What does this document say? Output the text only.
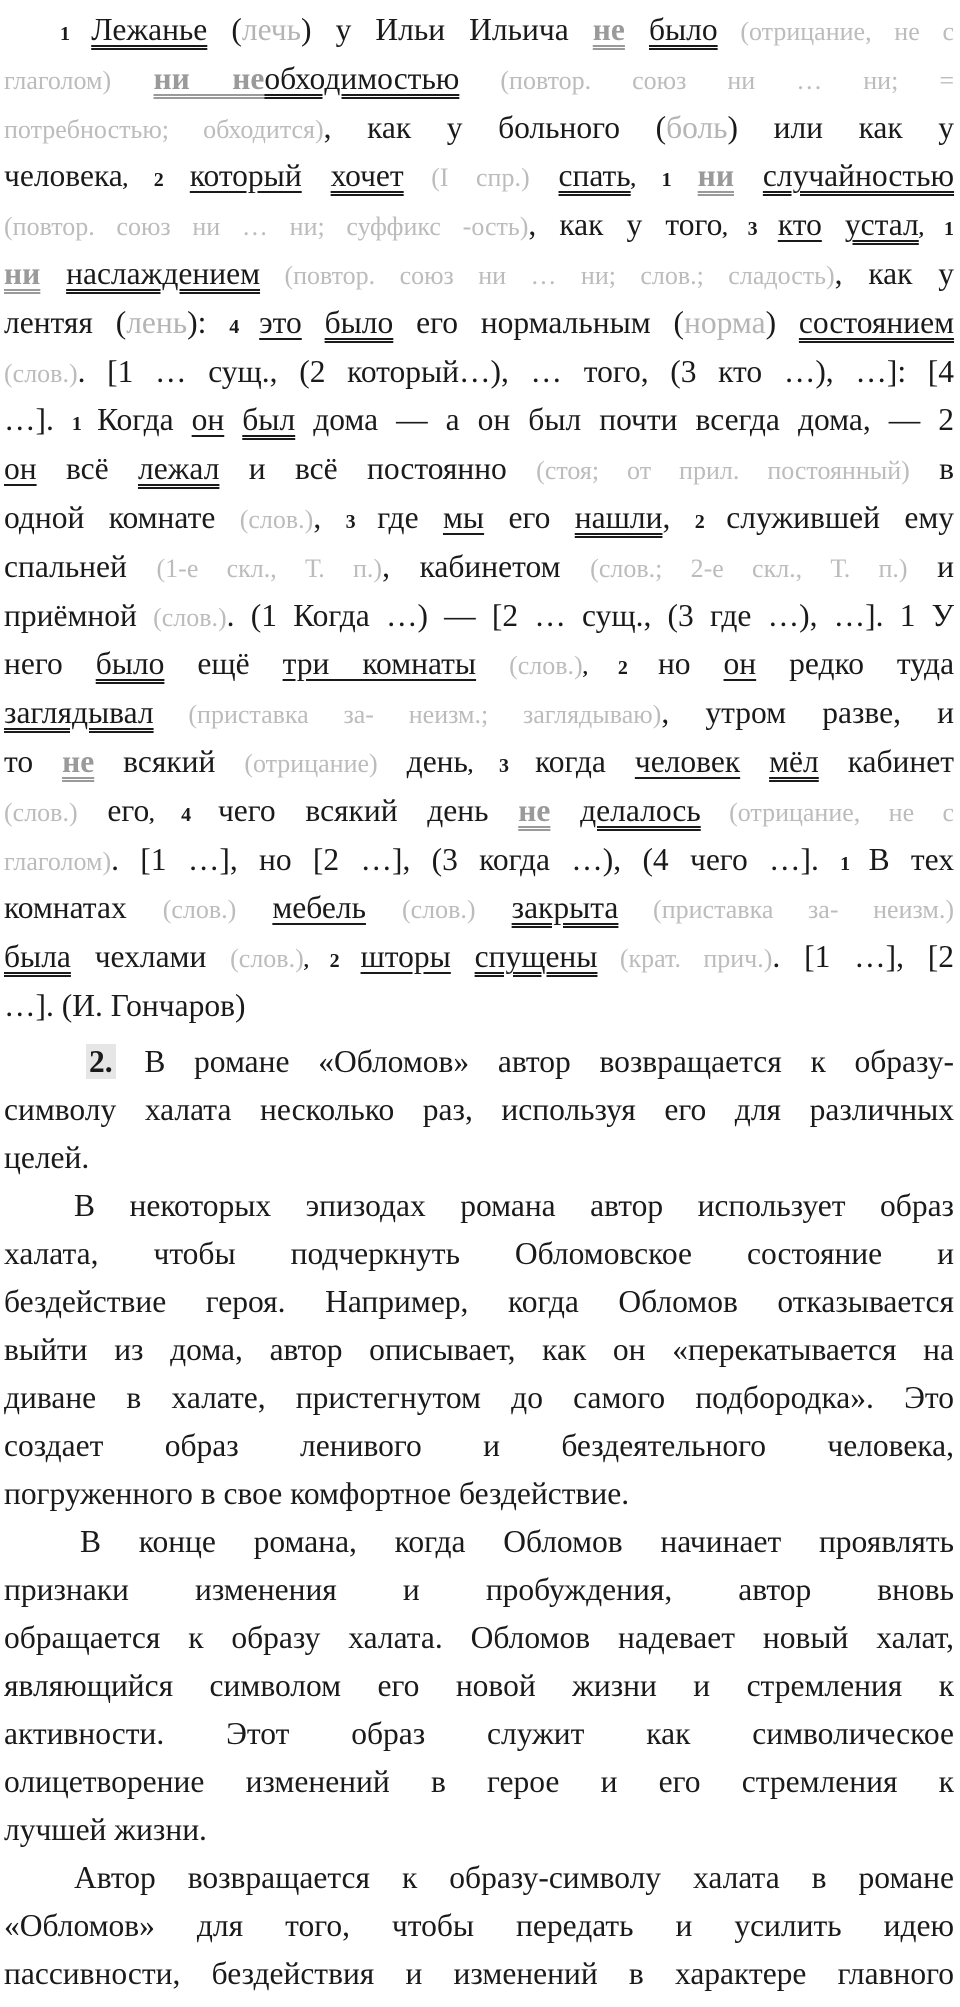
1 Лежанье (лечь) у Ильи Ильича не было (отрицание, не с
глаголом) ни необходимостью (повтор. союз ни … ни; =
потребностью; обходится), как у больного (боль) или как у
человека, 2 который хочет (I спр.) спать, 1 ни случайностью
(повтор. союз ни … ни; суффикс -ость), как у того, 3 кто устал, 1
ни наслаждением (повтор. союз ни … ни; слов.; сладость), как у
лентяя (лень): 4 это было его нормальным (норма) состоянием
(слов.). [1 … сущ., (2 который…), … того, (3 кто …), …]: [4
…]. 1 Когда он был дома — а он был почти всегда дома, — 2
он всё лежал и всё постоянно (стоя; от прил. постоянный) в
одной комнате (слов.), 3 где мы его нашли, 2 служившей ему
спальней (1-е скл., Т. п.), кабинетом (слов.; 2-е скл., Т. п.) и
приёмной (слов.). (1 Когда …) — [2 … сущ., (3 где …), …]. 1 У
него было ещё три комнаты (слов.), 2 но он редко туда
заглядывал (приставка за- неизм.; заглядываю), утром разве, и
то не всякий (отрицание) день, 3 когда человек мёл кабинет
(слов.) его, 4 чего всякий день не делалось (отрицание, не с
глаголом). [1 …], но [2 …], (3 когда …), (4 чего …]. 1 В тех
комнатах (слов.) мебель (слов.) закрыта (приставка за- неизм.)
была чехлами (слов.), 2 шторы спущены (крат. прич.). [1 …], [2
…]. (И. Гончаров)
2. В романе «Обломов» автор возвращается к образу-
символу халата несколько раз, используя его для различных
целей.
В некоторых эпизодах романа автор использует образ
халата, чтобы подчеркнуть Обломовское состояние и
бездействие героя. Например, когда Обломов отказывается
выйти из дома, автор описывает, как он «перекатывается на
диване в халате, пристегнутом до самого подбородка». Это
создает образ ленивого и бездеятельного человека,
погруженного в свое комфортное бездействие.
В конце романа, когда Обломов начинает проявлять
признаки изменения и пробуждения, автор вновь
обращается к образу халата. Обломов надевает новый халат,
являющийся символом его новой жизни и стремления к
активности. Этот образ служит как символическое
олицетворение изменений в герое и его стремления к
лучшей жизни.
Автор возвращается к образу-символу халата в романе
«Обломов» для того, чтобы передать и усилить идею
пассивности, бездействия и изменений в характере главного
